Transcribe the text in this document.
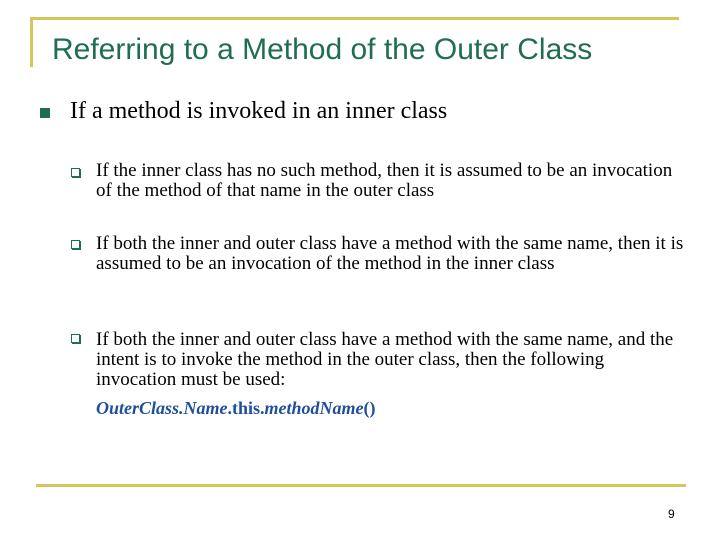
Referring to a Method of the Outer Class
If a method is invoked in an inner class
If the inner class has no such method, then it is assumed to be an invocation of the method of that name in the outer class
If both the inner and outer class have a method with the same name, then it is assumed to be an invocation of the method in the inner class
If both the inner and outer class have a method with the same name, and the intent is to invoke the method in the outer class, then the following invocation must be used:
OuterClass.Name.this.methodName()
9
